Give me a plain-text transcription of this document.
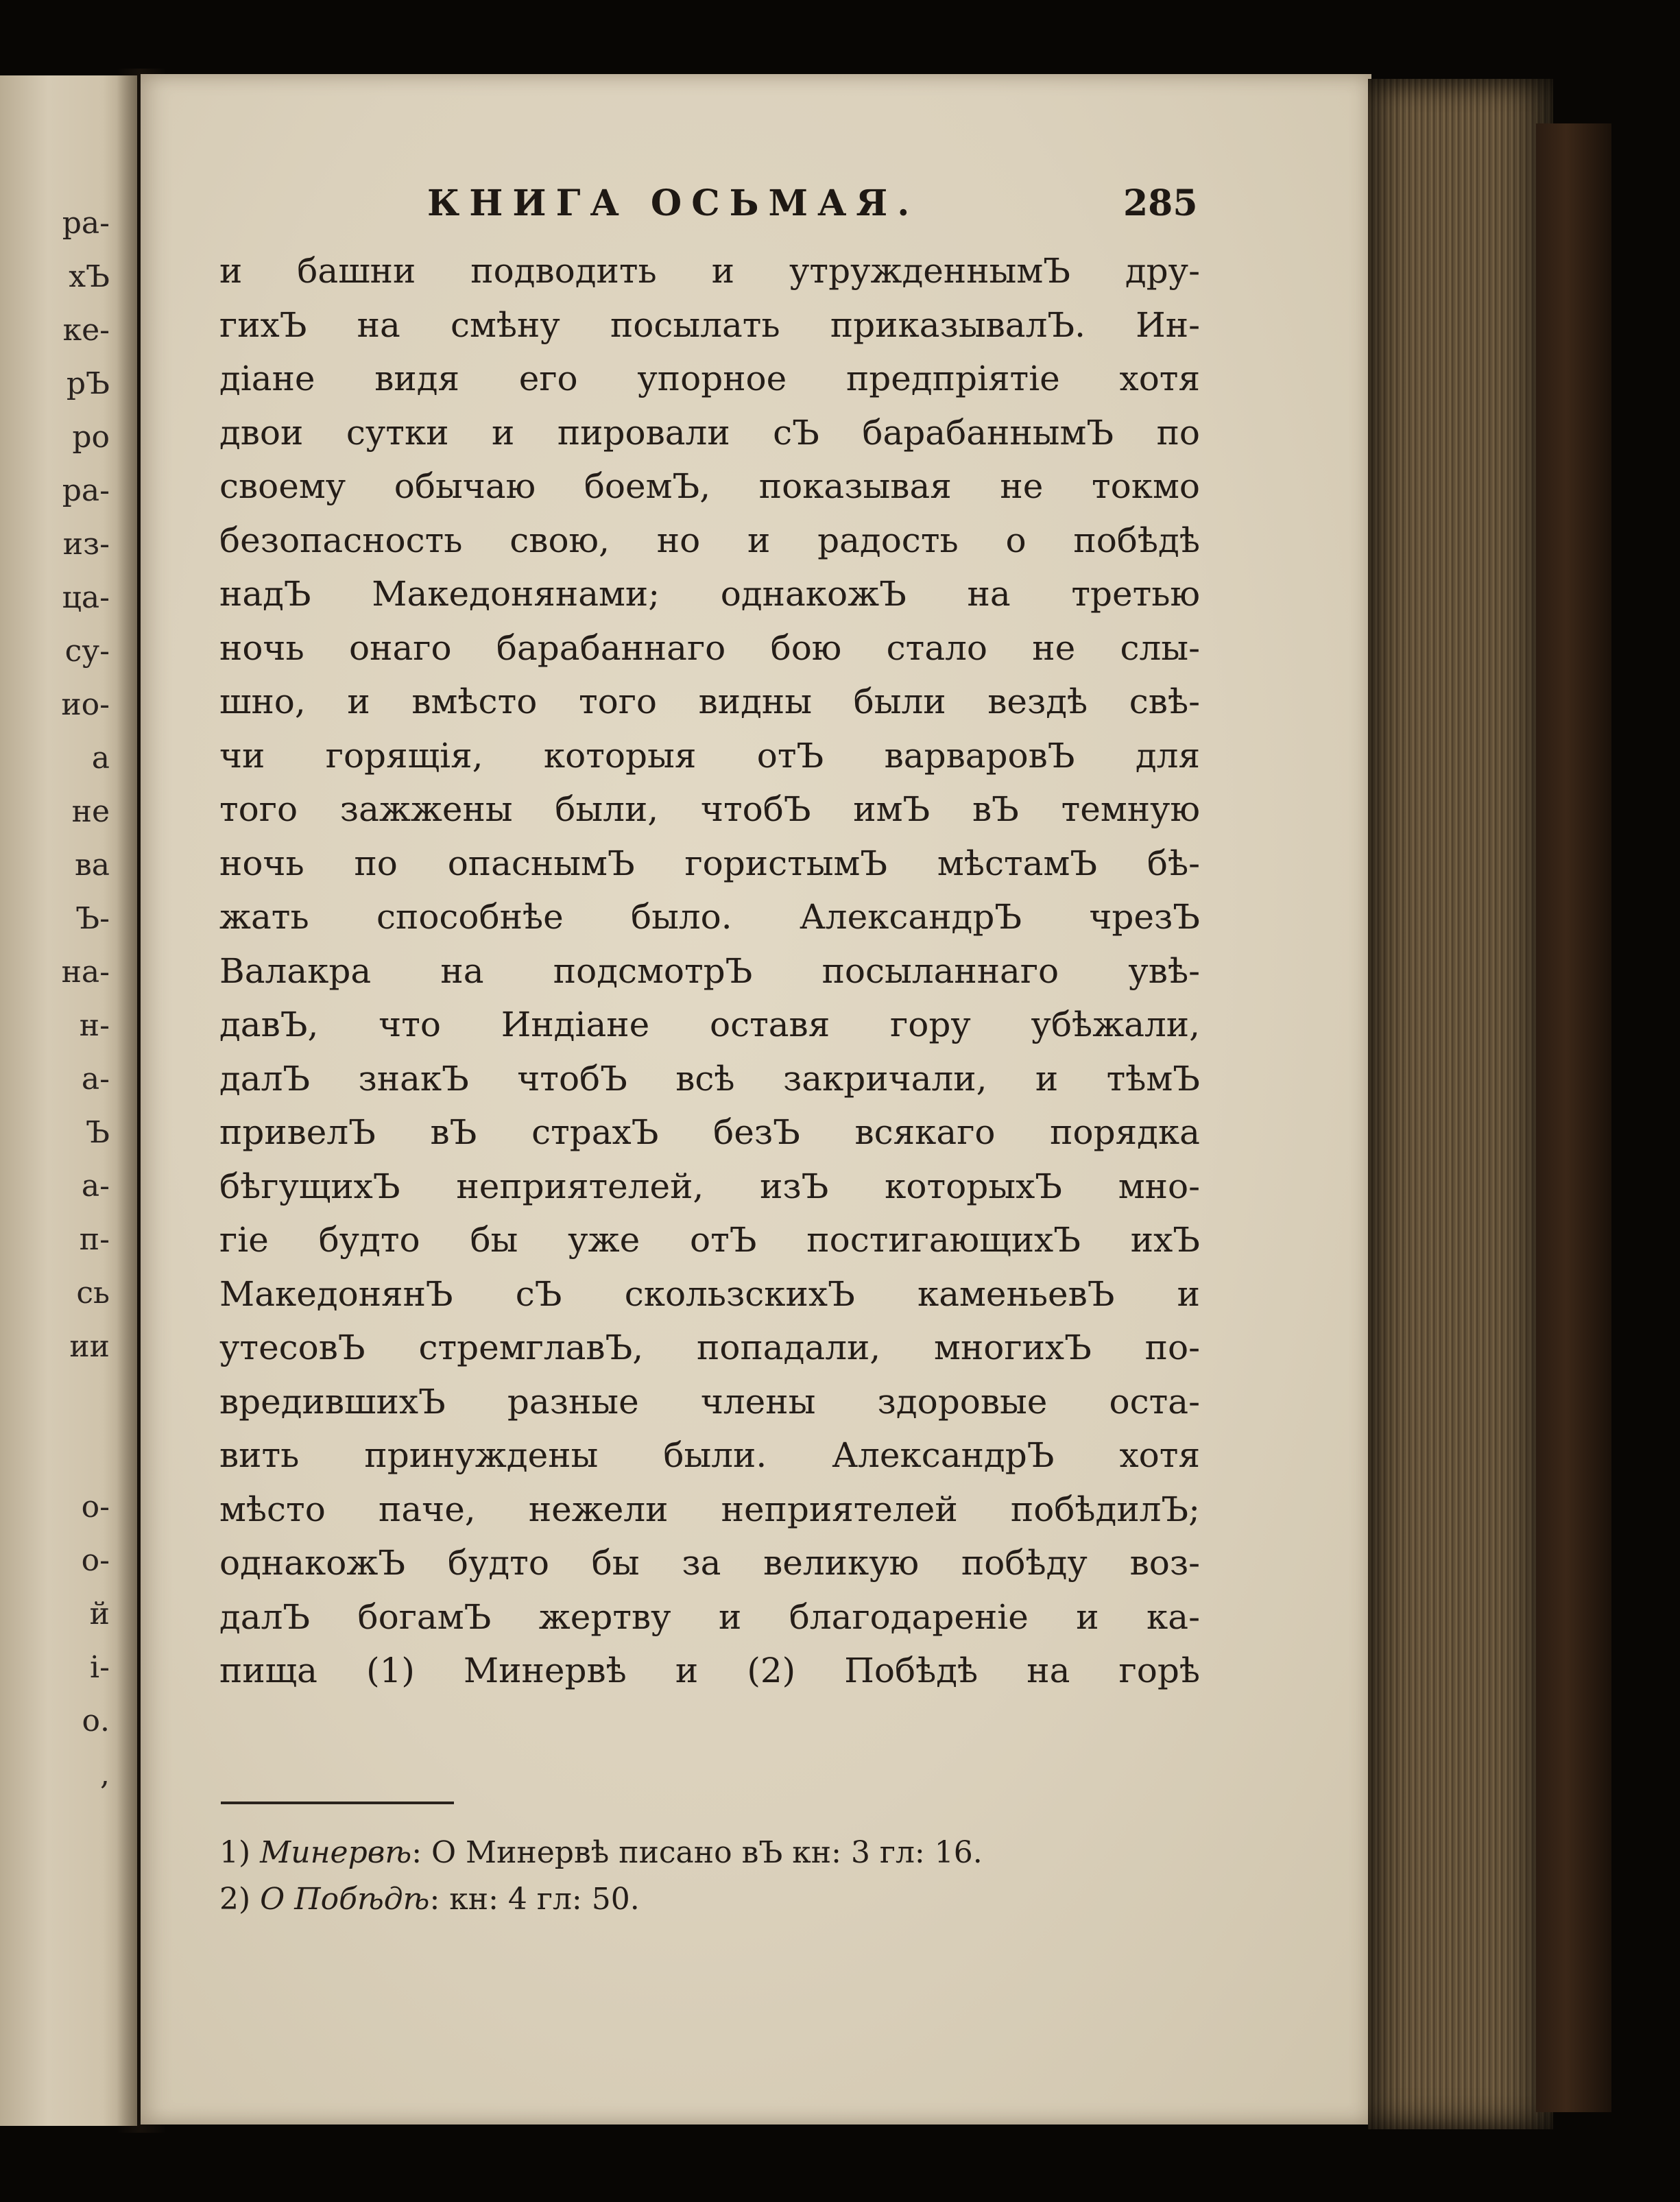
ра-
хЪ
ке-
рЪ
ро
ра-
из-
ца-
су-
ио-
а
не
ва
Ъ-
на-
н-
а-
Ъ
а-
п-
сь
ии
о-
о-
й
і-
о.
,
КНИГА ОСЬМАЯ.	285
и башни подводить и утружденнымЪ дру-
гихЪ на смѣну посылать приказывалЪ. Ин-
діане видя его упорное предпріятіе хотя
двои сутки и пировали сЪ барабаннымЪ по
своему обычаю боемЪ, показывая не токмо
безопасность свою, но и радость о побѣдѣ
надЪ Македонянами; однакожЪ на третью
ночь онаго барабаннаго бою стало не слы-
шно, и вмѣсто того видны были вездѣ свѣ-
чи горящія, которыя отЪ варваровЪ для
того зажжены были, чтобЪ имЪ вЪ темную
ночь по опаснымЪ гористымЪ мѣстамЪ бѣ-
жать способнѣе было. АлександрЪ чрезЪ
Валакра на подсмотрЪ посыланнаго увѣ-
давЪ, что Индіане оставя гору убѣжали,
далЪ знакЪ чтобЪ всѣ закричали, и тѣмЪ
привелЪ вЪ страхЪ безЪ всякаго порядка
бѣгущихЪ неприятелей, изЪ которыхЪ мно-
гіе будто бы уже отЪ постигающихЪ ихЪ
МакедонянЪ сЪ скользскихЪ каменьевЪ и
утесовЪ стремглавЪ, попадали, многихЪ по-
вредившихЪ разные члены здоровые оста-
вить принуждены были. АлександрЪ хотя
мѣсто паче, нежели неприятелей побѣдилЪ;
однакожЪ будто бы за великую побѣду воз-
далЪ богамЪ жертву и благодареніе и ка-
пища (1) Минервѣ и (2) Побѣдѣ на горѣ
1) Минервѣ: О Минервѣ писано вЪ кн: 3 гл: 16.
2) О Побѣдѣ: кн: 4 гл: 50.
